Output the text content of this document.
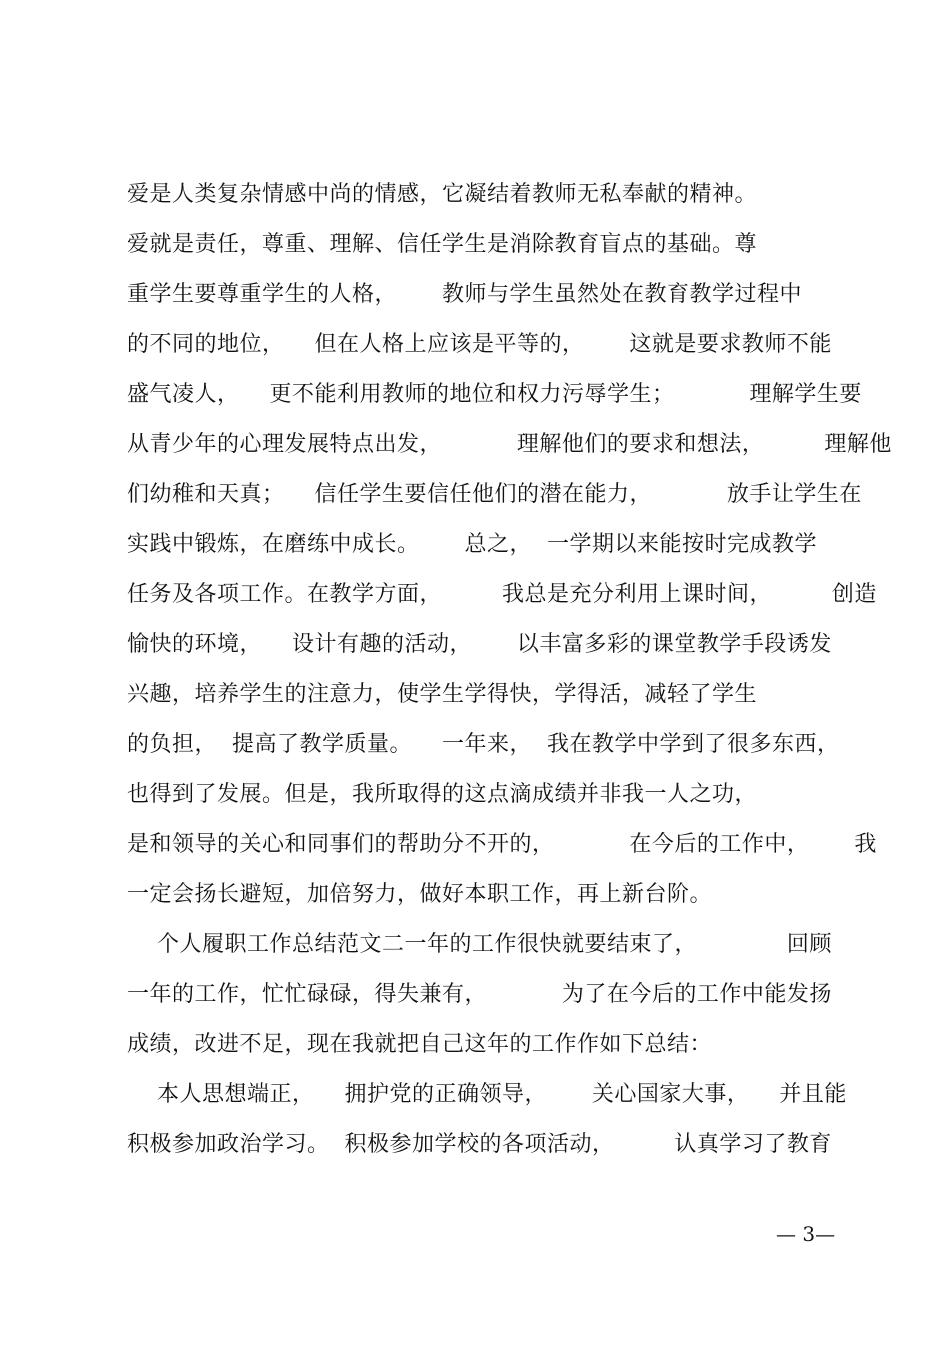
爱是人类复杂情感中尚的情感，它凝结着教师无私奉献的精神。
爱就是责任，尊重、理解、信任学生是消除教育盲点的基础。尊
重学生要尊重学生的人格，      教师与学生虽然处在教育教学过程中
的不同的地位，    但在人格上应该是平等的，      这就是要求教师不能
盛气凌人，    更不能利用教师的地位和权力污辱学生；          理解学生要
从青少年的心理发展特点出发，          理解他们的要求和想法，        理解他
们幼稚和天真；    信任学生要信任他们的潜在能力，          放手让学生在
实践中锻炼，在磨练中成长。      总之，  一学期以来能按时完成教学
任务及各项工作。在教学方面，        我总是充分利用上课时间，        创造
愉快的环境，    设计有趣的活动，      以丰富多彩的课堂教学手段诱发
兴趣，培养学生的注意力，使学生学得快，学得活，减轻了学生
的负担，  提高了教学质量。    一年来，  我在教学中学到了很多东西，
也得到了发展。但是，我所取得的这点滴成绩并非我一人之功，
是和领导的关心和同事们的帮助分不开的，          在今后的工作中，      我
一定会扬长避短，加倍努力，做好本职工作，再上新台阶。
个人履职工作总结范文二一年的工作很快就要结束了，            回顾
一年的工作，忙忙碌碌，得失兼有，          为了在今后的工作中能发扬
成绩，改进不足，现在我就把自己这年的工作作如下总结：
本人思想端正，    拥护党的正确领导，      关心国家大事，    并且能
积极参加政治学习。  积极参加学校的各项活动，        认真学习了教育
— 3—
